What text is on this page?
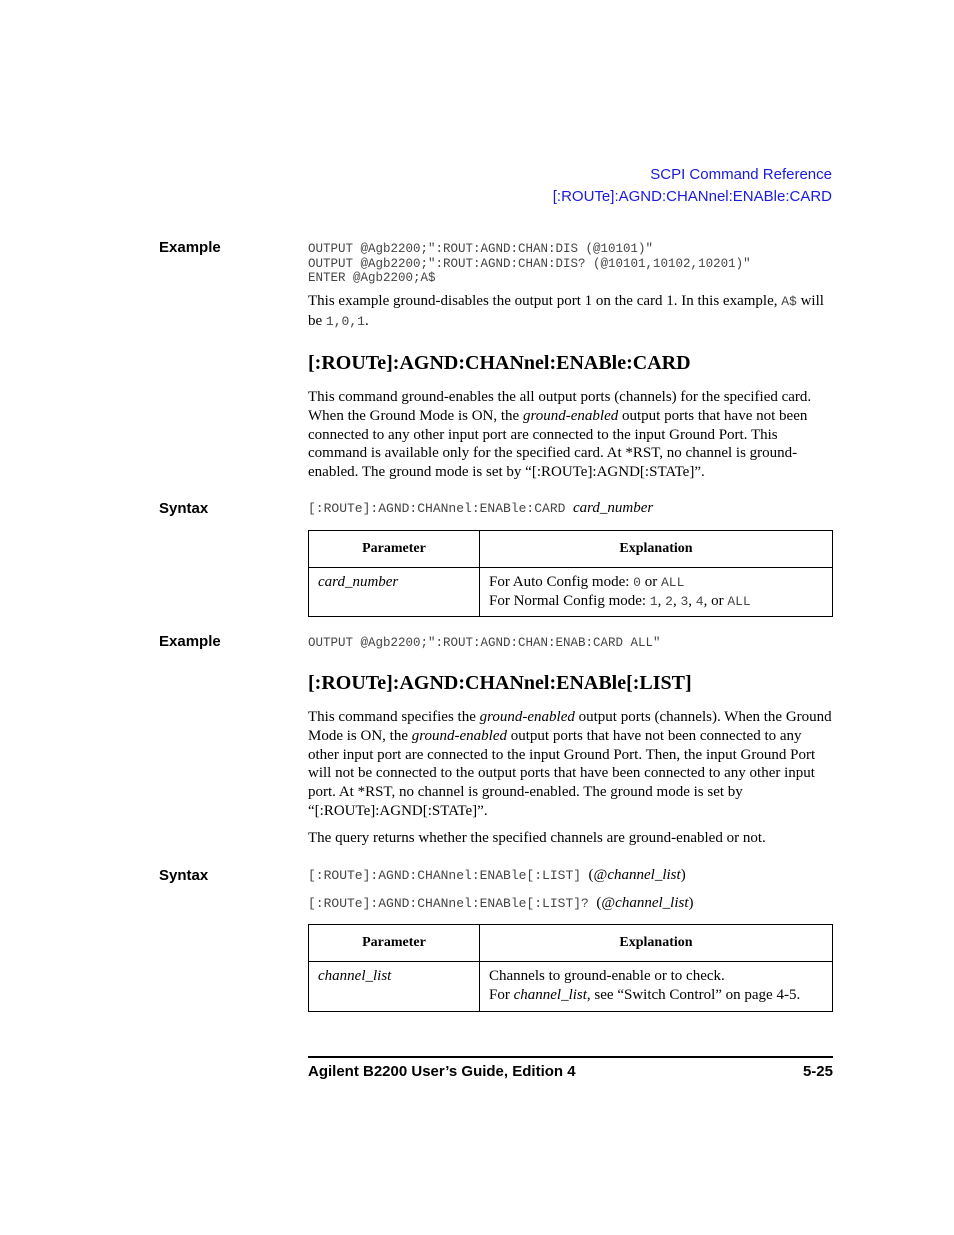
SCPI Command Reference
[:ROUTe]:AGND:CHANnel:ENABle:CARD
Example	OUTPUT @Agb2200;":ROUT:AGND:CHAN:DIS (@10101)"
OUTPUT @Agb2200;":ROUT:AGND:CHAN:DIS? (@10101,10102,10201)"
ENTER @Agb2200;A$

This example ground-disables the output port 1 on the card 1. In this example, A$ will be 1,0,1.

[:ROUTe]:AGND:CHANnel:ENABle:CARD

This command ground-enables the all output ports (channels) for the specified card. When the Ground Mode is ON, the ground-enabled output ports that have not been connected to any other input port are connected to the input Ground Port. This command is available only for the specified card. At *RST, no channel is ground-enabled. The ground mode is set by “[:ROUTe]:AGND[:STATe]”.

Syntax	[:ROUTe]:AGND:CHANnel:ENABle:CARD card_number
Parameter	Explanation
card_number	For Auto Config mode: 0 or ALL
For Normal Config mode: 1, 2, 3, 4, or ALL
Example	OUTPUT @Agb2200;":ROUT:AGND:CHAN:ENAB:CARD ALL"
[:ROUTe]:AGND:CHANnel:ENABle[:LIST]

This command specifies the ground-enabled output ports (channels). When the Ground Mode is ON, the ground-enabled output ports that have not been connected to any other input port are connected to the input Ground Port. Then, the input Ground Port will not be connected to the output ports that have been connected to any other input port. At *RST, no channel is ground-enabled. The ground mode is set by “[:ROUTe]:AGND[:STATe]”.

The query returns whether the specified channels are ground-enabled or not.

Syntax	[:ROUTe]:AGND:CHANnel:ENABle[:LIST] (@channel_list)
[:ROUTe]:AGND:CHANnel:ENABle[:LIST]? (@channel_list)
Parameter	Explanation
channel_list	Channels to ground-enable or to check.
For channel_list, see “Switch Control” on page 4-5.
Agilent B2200 User’s Guide, Edition 4	5-25
